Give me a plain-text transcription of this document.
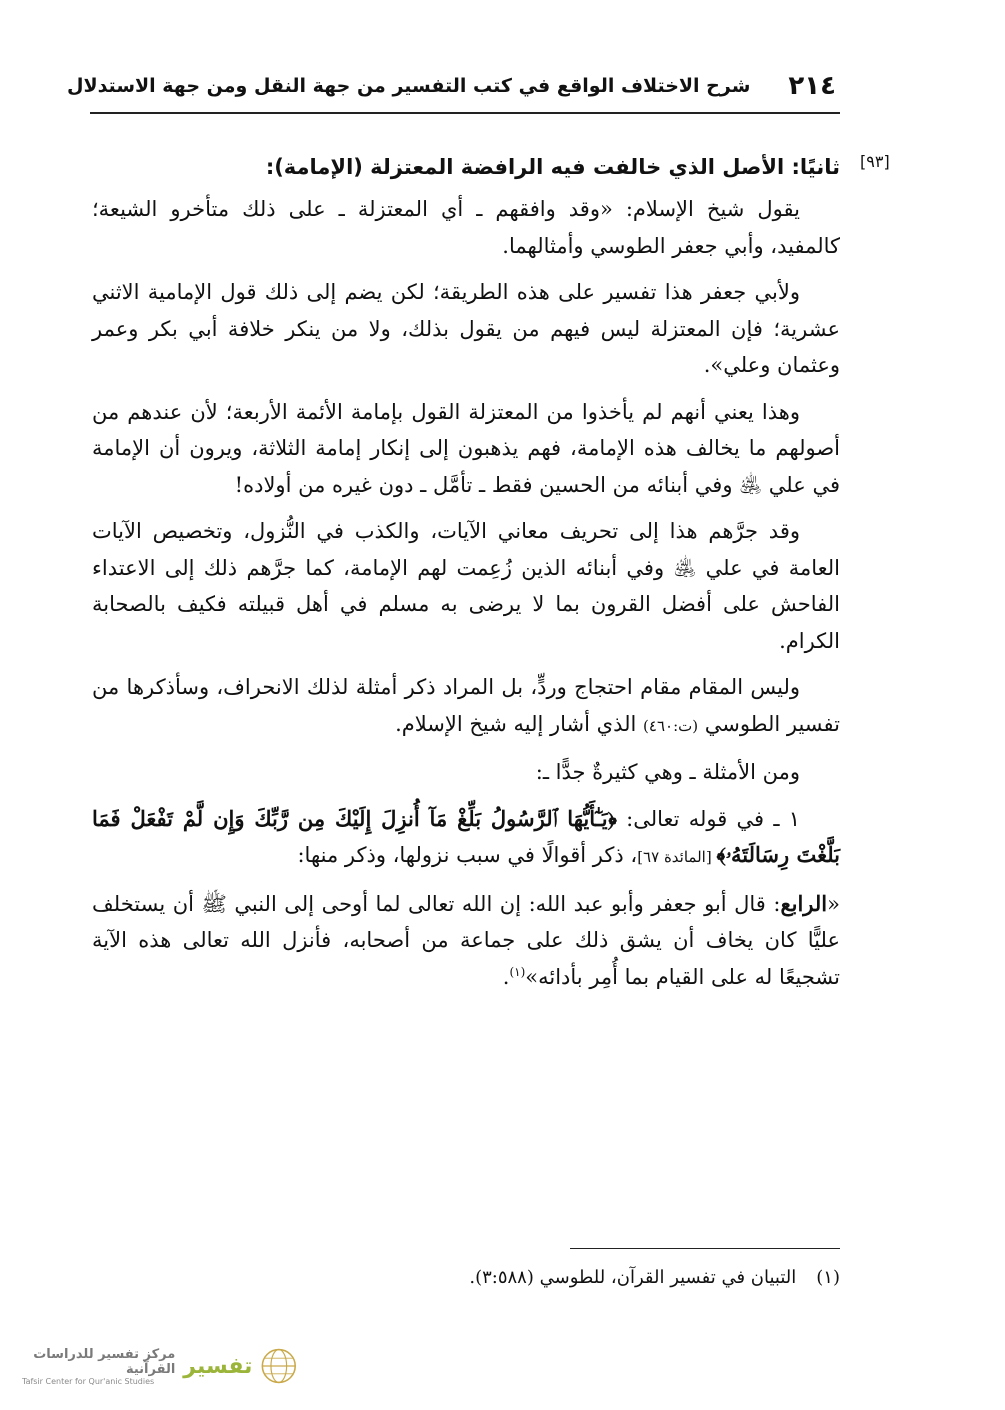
٢١٤
شرح الاختلاف الواقع في كتب التفسير من جهة النقل ومن جهة الاستدلال
[٩٣]

ثانيًا: الأصل الذي خالفت فيه الرافضة المعتزلة (الإمامة):

يقول شيخ الإسلام: «وقد وافقهم ـ أي المعتزلة ـ على ذلك متأخرو الشيعة؛ كالمفيد، وأبي جعفر الطوسي وأمثالهما.

ولأبي جعفر هذا تفسير على هذه الطريقة؛ لكن يضم إلى ذلك قول الإمامية الاثني عشرية؛ فإن المعتزلة ليس فيهم من يقول بذلك، ولا من ينكر خلافة أبي بكر وعمر وعثمان وعلي».

وهذا يعني أنهم لم يأخذوا من المعتزلة القول بإمامة الأئمة الأربعة؛ لأن عندهم من أصولهم ما يخالف هذه الإمامة، فهم يذهبون إلى إنكار إمامة الثلاثة، ويرون أن الإمامة في علي ﵁ وفي أبنائه من الحسين فقط ـ تأمَّل ـ دون غيره من أولاده!

وقد جرَّهم هذا إلى تحريف معاني الآيات، والكذب في النُّزول، وتخصيص الآيات العامة في علي ﵁ وفي أبنائه الذين زُعِمت لهم الإمامة، كما جرَّهم ذلك إلى الاعتداء الفاحش على أفضل القرون بما لا يرضى به مسلم في أهل قبيلته فكيف بالصحابة الكرام.

وليس المقام مقام احتجاج وردٍّ، بل المراد ذكر أمثلة لذلك الانحراف، وسأذكرها من تفسير الطوسي (ت:٤٦٠) الذي أشار إليه شيخ الإسلام.

ومن الأمثلة ـ وهي كثيرةٌ جدًّا ـ:

١ ـ في قوله تعالى: ﴿يَـٰٓأَيُّهَا ٱلرَّسُولُ بَلِّغْ مَآ أُنزِلَ إِلَيْكَ مِن رَّبِّكَ وَإِن لَّمْ تَفْعَلْ فَمَا بَلَّغْتَ رِسَالَتَهُۥ﴾ [المائدة ٦٧]، ذكر أقوالًا في سبب نزولها، وذكر منها:

«الرابع: قال أبو جعفر وأبو عبد الله: إن الله تعالى لما أوحى إلى النبي ﷺ أن يستخلف عليًّا كان يخاف أن يشق ذلك على جماعة من أصحابه، فأنزل الله تعالى هذه الآية تشجيعًا له على القيام بما أُمِر بأدائه»$^{(١)}$.

(١)التبيان في تفسير القرآن، للطوسي (٣:٥٨٨).
تفسير
مركز تفسير للدراسات القرآنية
Tafsir Center for Qur'anic Studies
